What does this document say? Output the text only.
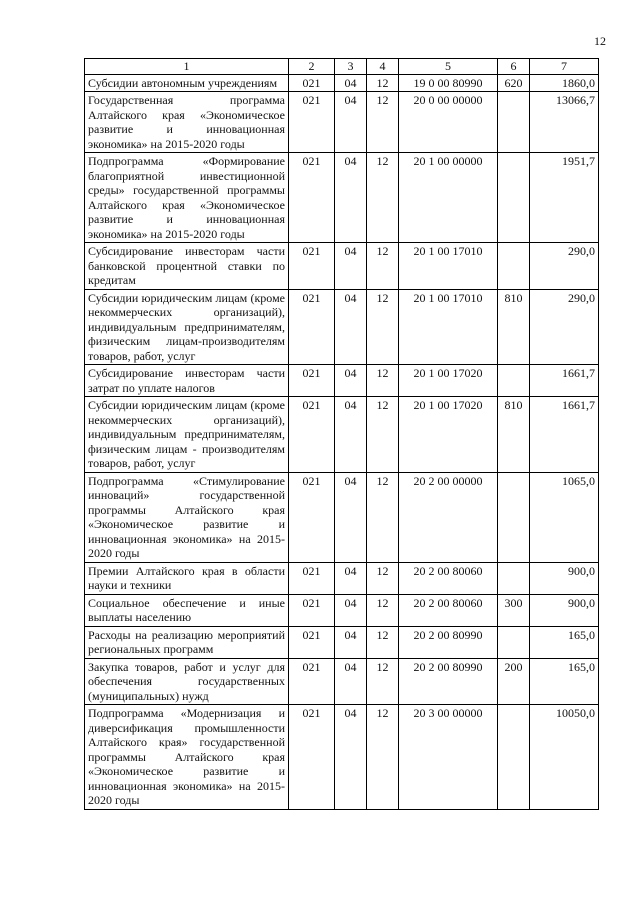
12
1	2	3	4	5	6	7
Субсидии автономным учреждениям	021	04	12	19 0 00 80990	620	1860,0
Государственная программа Алтайского края «Экономическое развитие и инновационная экономика» на 2015-2020 годы	021	04	12	20 0 00 00000		13066,7
Подпрограмма «Формирование благоприятной инвестиционной среды» государственной программы Алтайского края «Экономическое развитие и инновационная экономика» на 2015-2020 годы	021	04	12	20 1 00 00000		1951,7
Субсидирование инвесторам части банковской процентной ставки по кредитам	021	04	12	20 1 00 17010		290,0
Субсидии юридическим лицам (кроме некоммерческих организаций), индивидуальным предпринимателям, физическим лицам-производителям товаров, работ, услуг	021	04	12	20 1 00 17010	810	290,0
Субсидирование инвесторам части затрат по уплате налогов	021	04	12	20 1 00 17020		1661,7
Субсидии юридическим лицам (кроме некоммерческих организаций), индивидуальным предпринимателям, физическим лицам - производителям товаров, работ, услуг	021	04	12	20 1 00 17020	810	1661,7
Подпрограмма «Стимулирование инноваций» государственной программы Алтайского края «Экономическое развитие и инновационная экономика» на 2015-2020 годы	021	04	12	20 2 00 00000		1065,0
Премии Алтайского края в области науки и техники	021	04	12	20 2 00 80060		900,0
Социальное обеспечение и иные выплаты населению	021	04	12	20 2 00 80060	300	900,0
Расходы на реализацию мероприятий региональных программ	021	04	12	20 2 00 80990		165,0
Закупка товаров, работ и услуг для обеспечения государственных (муниципальных) нужд	021	04	12	20 2 00 80990	200	165,0
Подпрограмма «Модернизация и диверсификация промышленности Алтайского края» государственной программы Алтайского края «Экономическое развитие и инновационная экономика» на 2015-2020 годы	021	04	12	20 3 00 00000		10050,0
